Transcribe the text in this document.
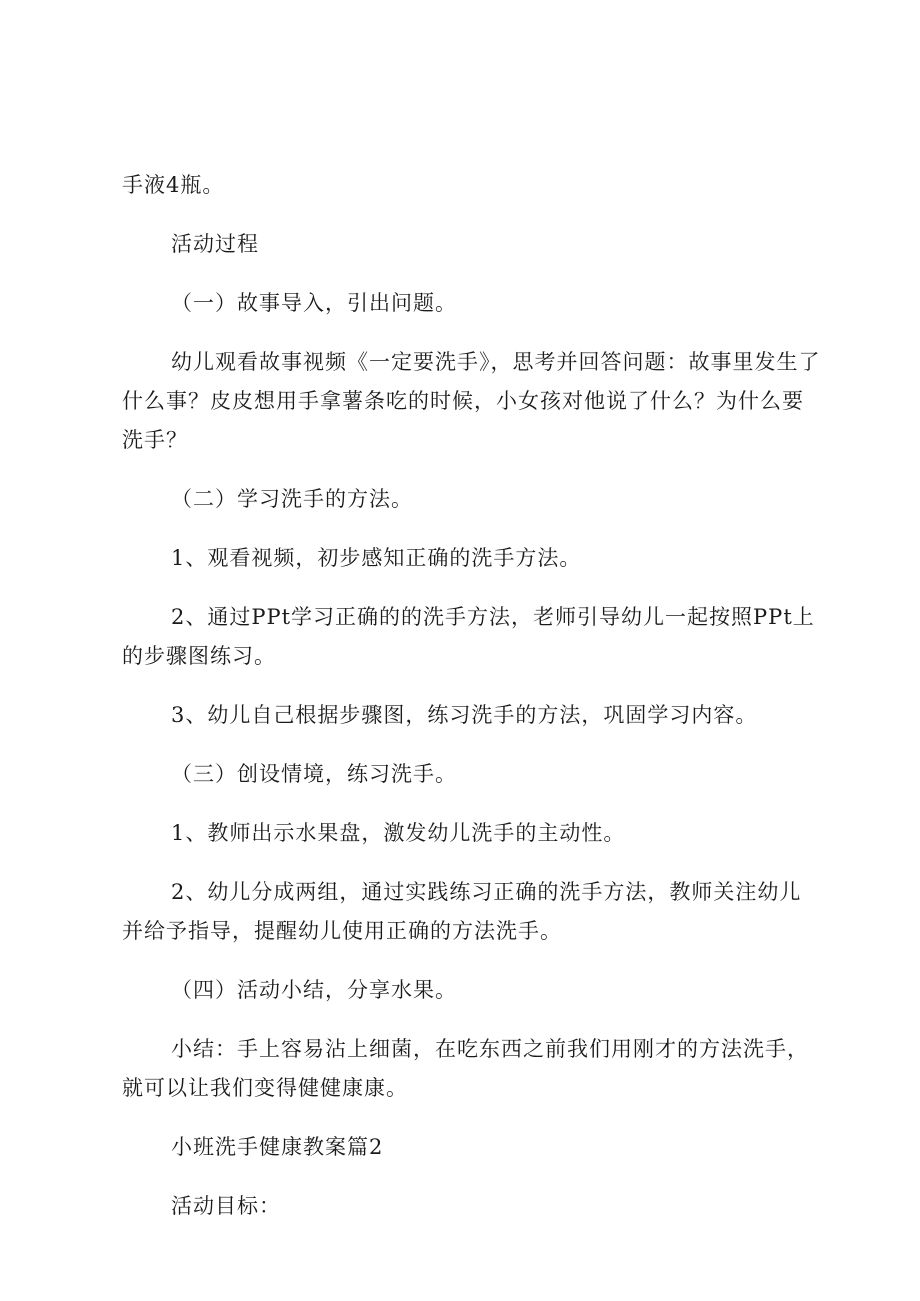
手液4瓶。

活动过程

（一）故事导入，引出问题。

幼儿观看故事视频《一定要洗手》，思考并回答问题：故事里发生了什么事？皮皮想用手拿薯条吃的时候，小女孩对他说了什么？为什么要洗手？

（二）学习洗手的方法。

1、观看视频，初步感知正确的洗手方法。

2、通过PPt学习正确的的洗手方法，老师引导幼儿一起按照PPt上的步骤图练习。

3、幼儿自己根据步骤图，练习洗手的方法，巩固学习内容。

（三）创设情境，练习洗手。

1、教师出示水果盘，激发幼儿洗手的主动性。

2、幼儿分成两组，通过实践练习正确的洗手方法，教师关注幼儿并给予指导，提醒幼儿使用正确的方法洗手。

（四）活动小结，分享水果。

小结：手上容易沾上细菌，在吃东西之前我们用刚才的方法洗手，就可以让我们变得健健康康。

小班洗手健康教案篇2

活动目标：
